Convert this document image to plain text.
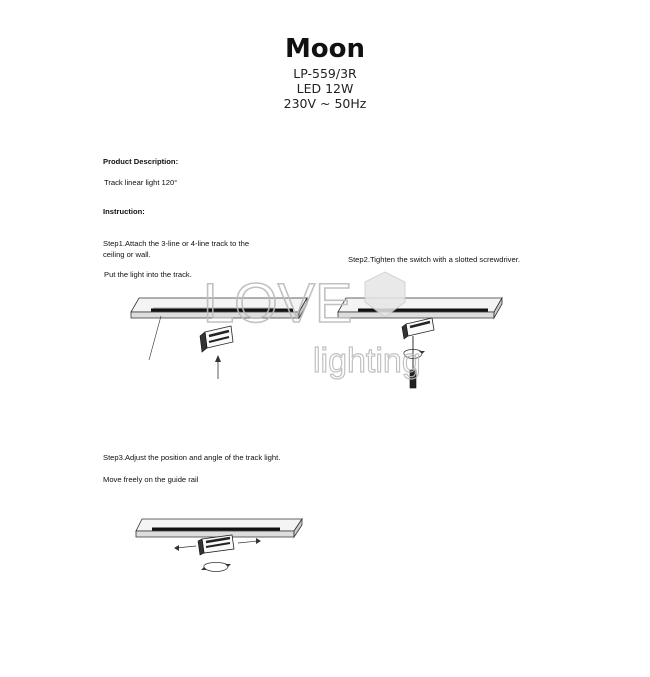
Moon
LP-559/3R
LED 12W
230V ~ 50Hz
Product Description:
Track linear light 120°
Instruction:
Step1.Attach the 3-line or 4-line track to the
ceiling or wall.
Put the light into the track.
Step2.Tighten the switch with a slotted screwdriver.
Step3.Adjust the position and angle of the track light.
Move freely on the guide rail
LOVE
lighting
